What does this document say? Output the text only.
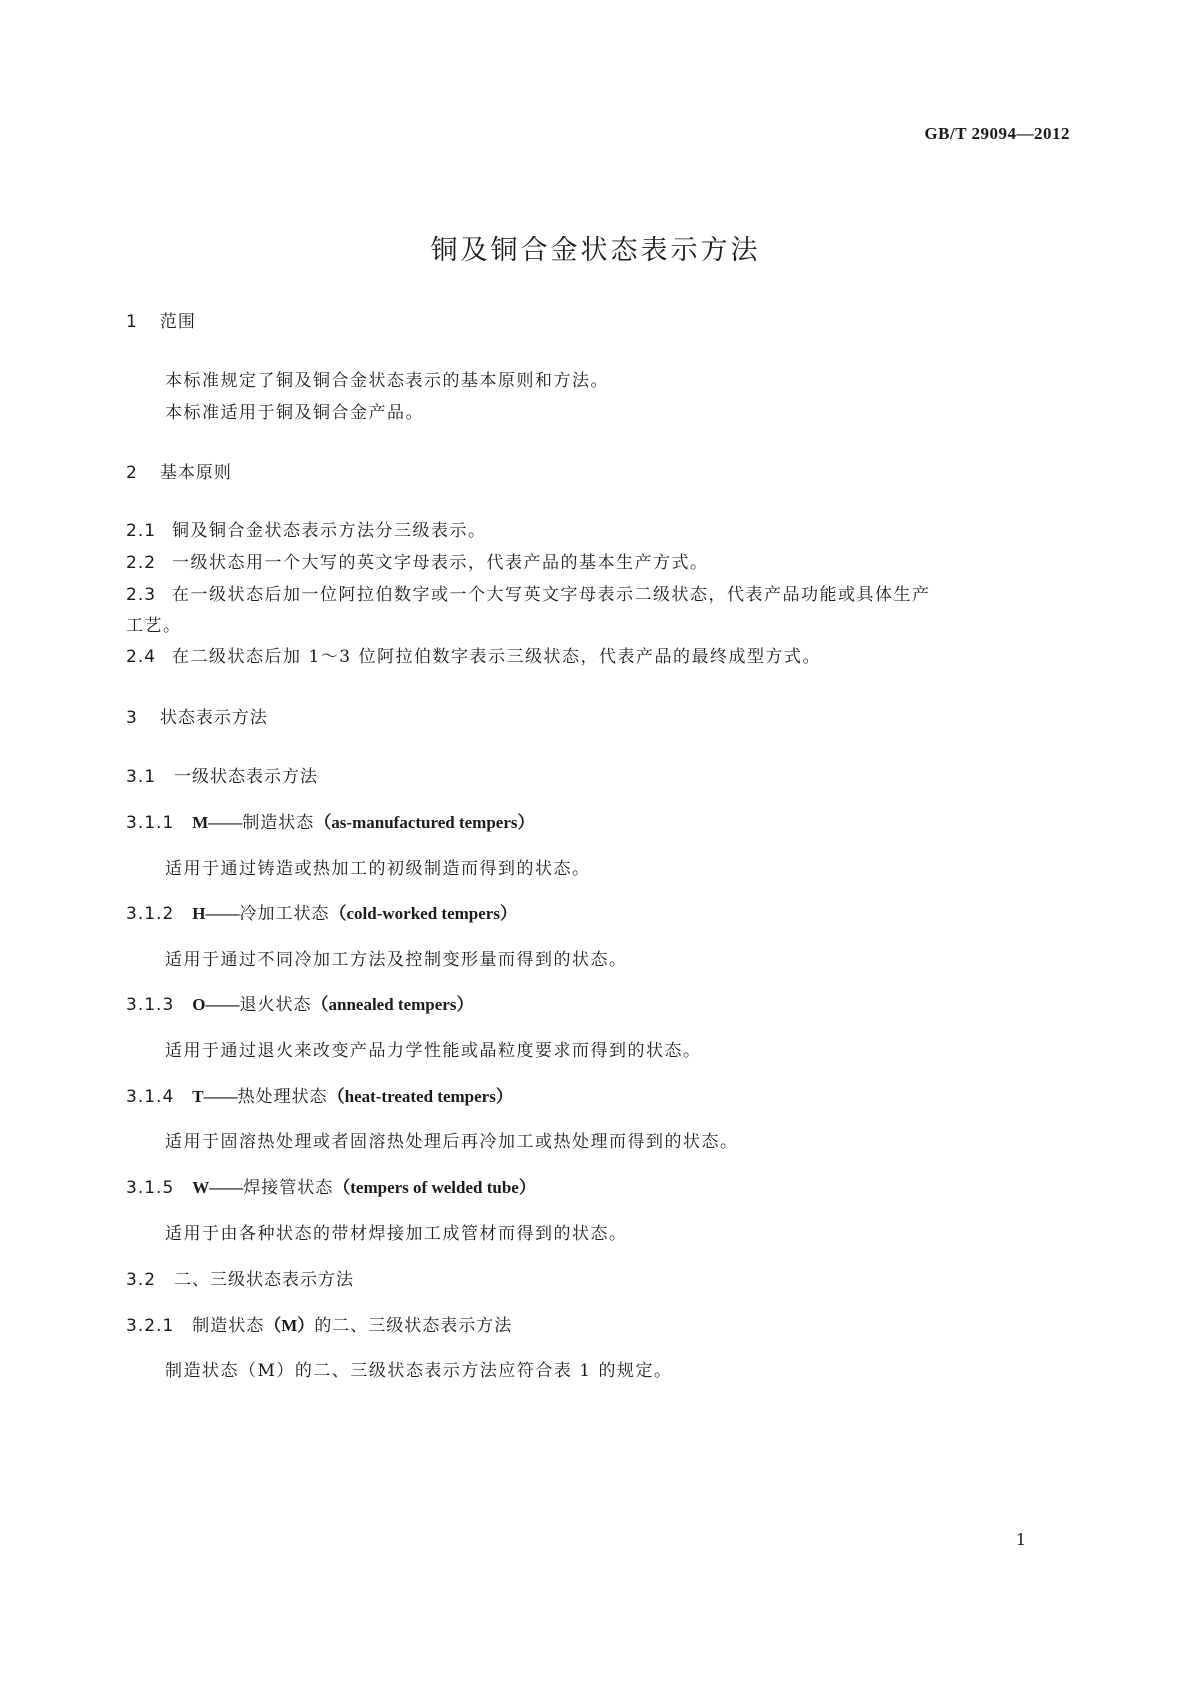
GB/T 29094—2012
铜及铜合金状态表示方法
1 范围
本标准规定了铜及铜合金状态表示的基本原则和方法。
本标准适用于铜及铜合金产品。
2 基本原则
2.1 铜及铜合金状态表示方法分三级表示。
2.2 一级状态用一个大写的英文字母表示，代表产品的基本生产方式。
2.3 在一级状态后加一位阿拉伯数字或一个大写英文字母表示二级状态，代表产品功能或具体生产
工艺。
2.4 在二级状态后加 1～3 位阿拉伯数字表示三级状态，代表产品的最终成型方式。
3 状态表示方法
3.1 一级状态表示方法
3.1.1 M——制造状态（as-manufactured tempers）
适用于通过铸造或热加工的初级制造而得到的状态。
3.1.2 H——冷加工状态（cold-worked tempers）
适用于通过不同冷加工方法及控制变形量而得到的状态。
3.1.3 O——退火状态（annealed tempers）
适用于通过退火来改变产品力学性能或晶粒度要求而得到的状态。
3.1.4 T——热处理状态（heat-treated tempers）
适用于固溶热处理或者固溶热处理后再冷加工或热处理而得到的状态。
3.1.5 W——焊接管状态（tempers of welded tube）
适用于由各种状态的带材焊接加工成管材而得到的状态。
3.2 二、三级状态表示方法
3.2.1 制造状态（M）的二、三级状态表示方法
制造状态（M）的二、三级状态表示方法应符合表 1 的规定。
1
